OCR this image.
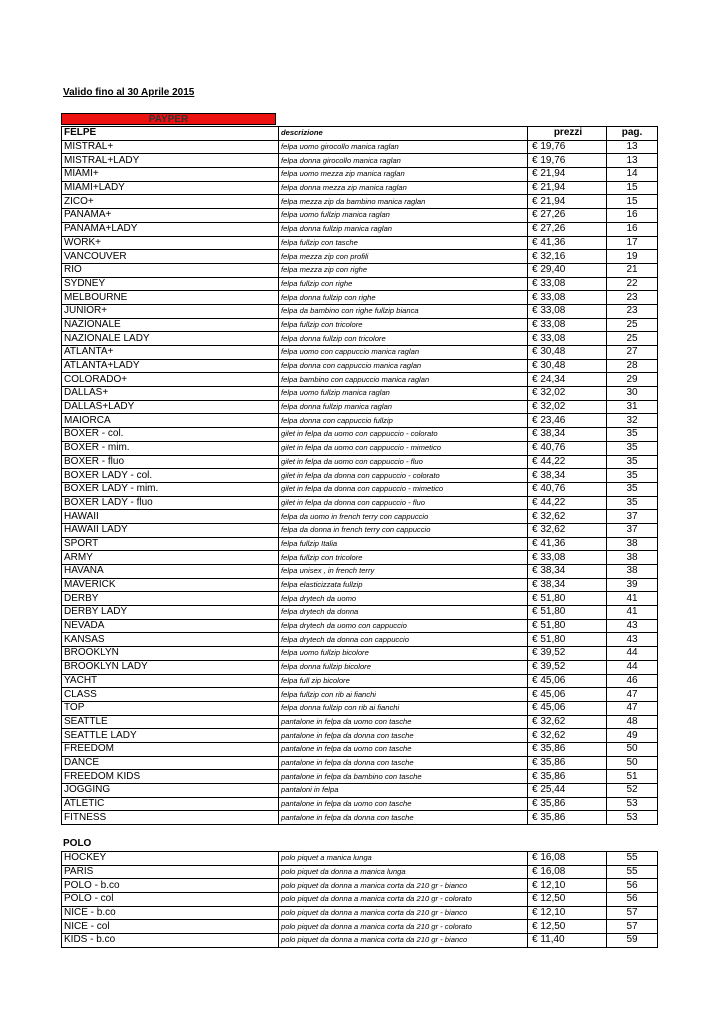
Valido fino al 30 Aprile 2015

PAYPER
FELPE	descrizione	prezzi	pag.
MISTRAL+	felpa uomo girocollo manica raglan	€ 19,76	13
MISTRAL+LADY	felpa donna girocollo manica raglan	€ 19,76	13
MIAMI+	felpa uomo mezza zip manica raglan	€ 21,94	14
MIAMI+LADY	felpa donna mezza zip manica raglan	€ 21,94	15
ZICO+	felpa mezza zip da bambino manica raglan	€ 21,94	15
PANAMA+	felpa uomo fullzip manica raglan	€ 27,26	16
PANAMA+LADY	felpa donna fullzip manica raglan	€ 27,26	16
WORK+	felpa fullzip con tasche	€ 41,36	17
VANCOUVER	felpa mezza zip con profili	€ 32,16	19
RIO	felpa mezza zip con righe	€ 29,40	21
SYDNEY	felpa fullzip con righe	€ 33,08	22
MELBOURNE	felpa donna fullzip con righe	€ 33,08	23
JUNIOR+	felpa da bambino con righe fullzip bianca	€ 33,08	23
NAZIONALE	felpa fullzip con tricolore	€ 33,08	25
NAZIONALE LADY	felpa donna fullzip con tricolore	€ 33,08	25
ATLANTA+	felpa uomo con cappuccio manica raglan	€ 30,48	27
ATLANTA+LADY	felpa donna con cappuccio manica raglan	€ 30,48	28
COLORADO+	felpa bambino con cappuccio manica raglan	€ 24,34	29
DALLAS+	felpa uomo fullzip manica raglan	€ 32,02	30
DALLAS+LADY	felpa donna fullzip manica raglan	€ 32,02	31
MAIORCA	felpa donna con cappuccio fullzip	€ 23,46	32
BOXER - col.	gilet in felpa da uomo con cappuccio - colorato	€ 38,34	35
BOXER - mim.	gilet in felpa da uomo con cappuccio - mimetico	€ 40,76	35
BOXER - fluo	gilet in felpa da uomo con cappuccio - fluo	€ 44,22	35
BOXER LADY - col.	gilet in felpa da donna con cappuccio - colorato	€ 38,34	35
BOXER LADY - mim.	gilet in felpa da donna con cappuccio - mimetico	€ 40,76	35
BOXER LADY - fluo	gilet in felpa da donna con cappuccio - fluo	€ 44,22	35
HAWAII	felpa da uomo in french terry con cappuccio	€ 32,62	37
HAWAII LADY	felpa da donna in french terry con cappuccio	€ 32,62	37
SPORT	felpa fullzip Italia	€ 41,36	38
ARMY	felpa fullzip con tricolore	€ 33,08	38
HAVANA	felpa unisex , in french terry	€ 38,34	38
MAVERICK	felpa elasticizzata fullzip	€ 38,34	39
DERBY	felpa drytech da uomo	€ 51,80	41
DERBY LADY	felpa drytech da donna	€ 51,80	41
NEVADA	felpa drytech da uomo con cappuccio	€ 51,80	43
KANSAS	felpa drytech da donna con cappuccio	€ 51,80	43
BROOKLYN	felpa uomo fullzip bicolore	€ 39,52	44
BROOKLYN LADY	felpa donna fullzip bicolore	€ 39,52	44
YACHT	felpa full zip bicolore	€ 45,06	46
CLASS	felpa fullzip con rib ai fianchi	€ 45,06	47
TOP	felpa donna fullzip con rib ai fianchi	€ 45,06	47
SEATTLE	pantalone in felpa da uomo con tasche	€ 32,62	48
SEATTLE LADY	pantalone in felpa da donna con tasche	€ 32,62	49
FREEDOM	pantalone in felpa da uomo con tasche	€ 35,86	50
DANCE	pantalone in felpa da donna con tasche	€ 35,86	50
FREEDOM KIDS	pantalone in felpa da bambino con tasche	€ 35,86	51
JOGGING	pantaloni in felpa	€ 25,44	52
ATLETIC	pantalone in felpa da uomo con tasche	€ 35,86	53
FITNESS	pantalone in felpa da donna con tasche	€ 35,86	53

POLO

HOCKEY	polo piquet a manica lunga	€ 16,08	55
PARIS	polo piquet da donna a manica lunga	€ 16,08	55
POLO - b.co	polo piquet da donna a manica corta da 210 gr - bianco	€ 12,10	56
POLO - col	polo piquet da donna a manica corta da 210 gr - colorato	€ 12,50	56
NICE - b.co	polo piquet da donna a manica corta da 210 gr - bianco	€ 12,10	57
NICE - col	polo piquet da donna a manica corta da 210 gr - colorato	€ 12,50	57
KIDS - b.co	polo piquet da donna a manica corta da 210 gr - bianco	€ 11,40	59
